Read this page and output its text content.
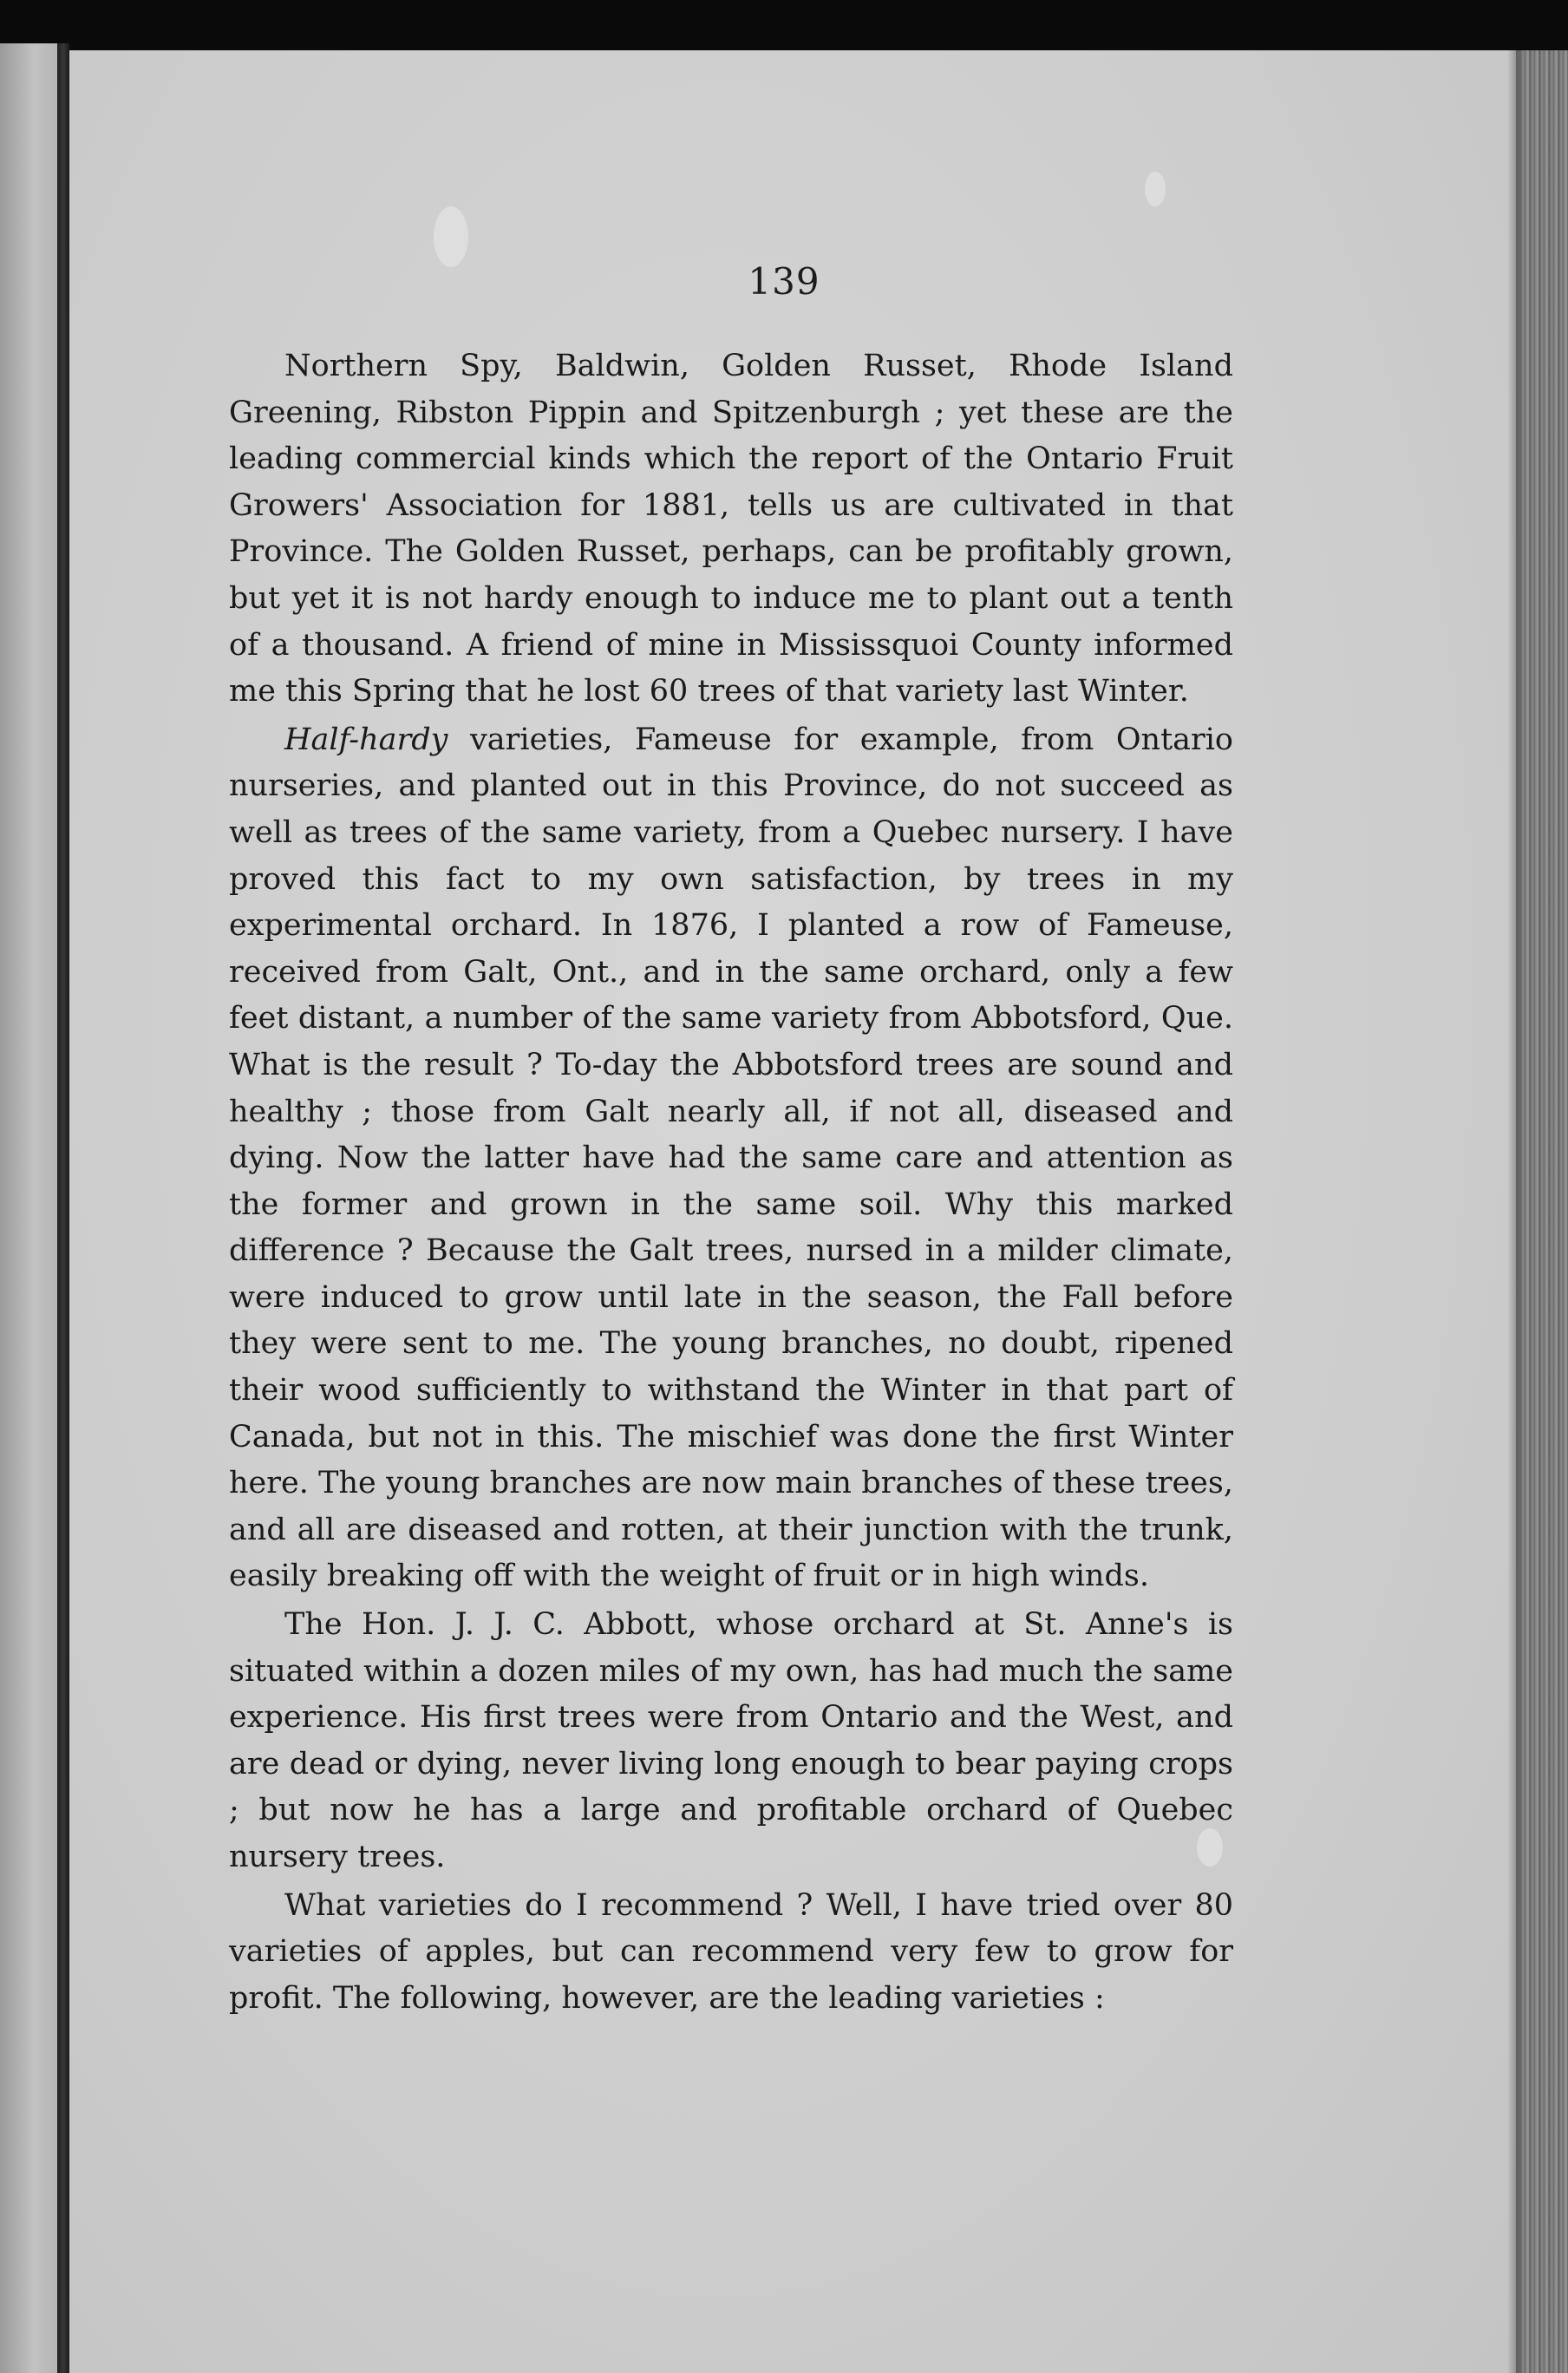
139

Northern Spy, Baldwin, Golden Russet, Rhode Island Greening, Ribston Pippin and Spitzenburgh ; yet these are the leading commercial kinds which the report of the Ontario Fruit Growers' Association for 1881, tells us are cultivated in that Province. The Golden Russet, perhaps, can be profitably grown, but yet it is not hardy enough to induce me to plant out a tenth of a thousand. A friend of mine in Mississquoi County informed me this Spring that he lost 60 trees of that variety last Winter.

Half-hardy varieties, Fameuse for example, from Ontario nurseries, and planted out in this Province, do not succeed as well as trees of the same variety, from a Quebec nursery. I have proved this fact to my own satisfaction, by trees in my experimental orchard. In 1876, I planted a row of Fameuse, received from Galt, Ont., and in the same orchard, only a few feet distant, a number of the same variety from Abbotsford, Que. What is the result ? To-day the Abbotsford trees are sound and healthy ; those from Galt nearly all, if not all, diseased and dying. Now the latter have had the same care and attention as the former and grown in the same soil. Why this marked difference ? Because the Galt trees, nursed in a milder climate, were induced to grow until late in the season, the Fall before they were sent to me. The young branches, no doubt, ripened their wood sufficiently to withstand the Winter in that part of Canada, but not in this. The mischief was done the first Winter here. The young branches are now main branches of these trees, and all are diseased and rotten, at their junction with the trunk, easily breaking off with the weight of fruit or in high winds.

The Hon. J. J. C. Abbott, whose orchard at St. Anne's is situated within a dozen miles of my own, has had much the same experience. His first trees were from Ontario and the West, and are dead or dying, never living long enough to bear paying crops ; but now he has a large and profitable orchard of Quebec nursery trees.

What varieties do I recommend ? Well, I have tried over 80 varieties of apples, but can recommend very few to grow for profit. The following, however, are the leading varieties :
